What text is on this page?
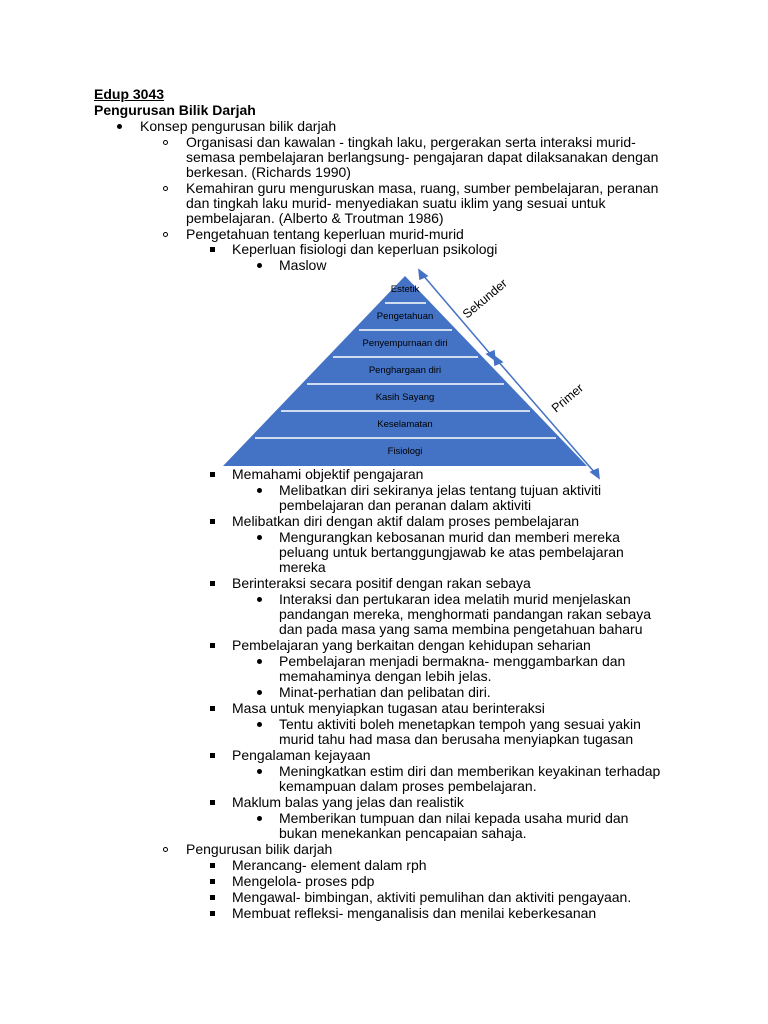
Edup 3043
Pengurusan Bilik Darjah
Konsep pengurusan bilik darjah
Organisasi dan kawalan - tingkah laku, pergerakan serta interaksi murid-
semasa pembelajaran berlangsung- pengajaran dapat dilaksanakan dengan
berkesan. (Richards 1990)
Kemahiran guru menguruskan masa, ruang, sumber pembelajaran, peranan
dan tingkah laku murid- menyediakan suatu iklim yang sesuai untuk
pembelajaran. (Alberto & Troutman 1986)
Pengetahuan tentang keperluan murid-murid
Keperluan fisiologi dan keperluan psikologi
Maslow
Estetik
Pengetahuan
Penyempurnaan diri
Penghargaan diri
Kasih Sayang
Keselamatan
Fisiologi
Sekunder
Primer
Memahami objektif pengajaran
Melibatkan diri sekiranya jelas tentang tujuan aktiviti
pembelajaran dan peranan dalam aktiviti
Melibatkan diri dengan aktif dalam proses pembelajaran
Mengurangkan kebosanan murid dan memberi mereka
peluang untuk bertanggungjawab ke atas pembelajaran
mereka
Berinteraksi secara positif dengan rakan sebaya
Interaksi dan pertukaran idea melatih murid menjelaskan
pandangan mereka, menghormati pandangan rakan sebaya
dan pada masa yang sama membina pengetahuan baharu
Pembelajaran yang berkaitan dengan kehidupan seharian
Pembelajaran menjadi bermakna- menggambarkan dan
memahaminya dengan lebih jelas.
Minat-perhatian dan pelibatan diri.
Masa untuk menyiapkan tugasan atau berinteraksi
Tentu aktiviti boleh menetapkan tempoh yang sesuai yakin
murid tahu had masa dan berusaha menyiapkan tugasan
Pengalaman kejayaan
Meningkatkan estim diri dan memberikan keyakinan terhadap
kemampuan dalam proses pembelajaran.
Maklum balas yang jelas dan realistik
Memberikan tumpuan dan nilai kepada usaha murid dan
bukan menekankan pencapaian sahaja.
Pengurusan bilik darjah
Merancang- element dalam rph
Mengelola- proses pdp
Mengawal- bimbingan, aktiviti pemulihan dan aktiviti pengayaan.
Membuat refleksi- menganalisis dan menilai keberkesanan
